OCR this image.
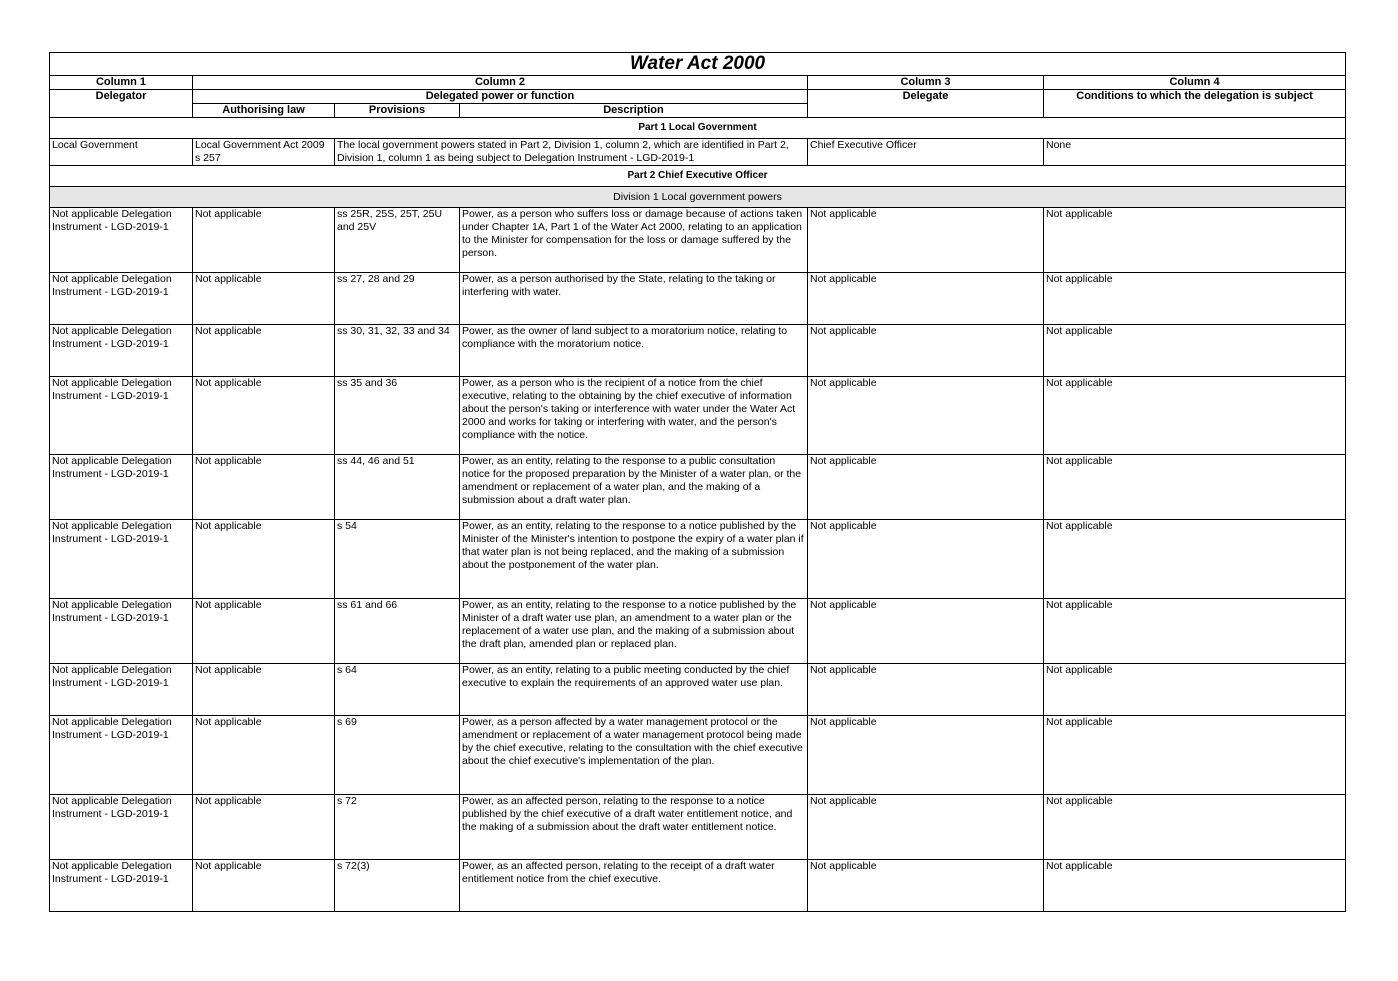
Water Act 2000					
Column 1	Column 2			Column 3	Column 4
Delegator	Delegated power or function			Delegate	Conditions to which the delegation is subject
	Authorising law	Provisions	Description		
Part 1 Local Government					
Local Government	Local Government Act 2009 s 257	The local government powers stated in Part 2, Division 1, column 2, which are identified in Part 2, Division 1, column 1 as being subject to Delegation Instrument - LGD-2019-1		Chief Executive Officer	None
Part 2 Chief Executive Officer					
Division 1 Local government powers					
Not applicable Delegation Instrument - LGD-2019-1	Not applicable	ss 25R, 25S, 25T, 25U and 25V	Power, as a person who suffers loss or damage because of actions taken under Chapter 1A, Part 1 of the Water Act 2000, relating to an application to the Minister for compensation for the loss or damage suffered by the person.	Not applicable	Not applicable
Not applicable Delegation Instrument - LGD-2019-1	Not applicable	ss 27, 28 and 29	Power, as a person authorised by the State, relating to the taking or interfering with water.	Not applicable	Not applicable
Not applicable Delegation Instrument - LGD-2019-1	Not applicable	ss 30, 31, 32, 33 and 34	Power, as the owner of land subject to a moratorium notice, relating to compliance with the moratorium notice.	Not applicable	Not applicable
Not applicable Delegation Instrument - LGD-2019-1	Not applicable	ss 35 and 36	Power, as a person who is the recipient of a notice from the chief executive, relating to the obtaining by the chief executive of information about the person's taking or interference with water under the Water Act 2000 and works for taking or interfering with water, and the person's compliance with the notice.	Not applicable	Not applicable
Not applicable Delegation Instrument - LGD-2019-1	Not applicable	ss 44, 46 and 51	Power, as an entity, relating to the response to a public consultation notice for the proposed preparation by the Minister of a water plan, or the amendment or replacement of a water plan, and the making of a submission about a draft water plan.	Not applicable	Not applicable
Not applicable Delegation Instrument - LGD-2019-1	Not applicable	s 54	Power, as an entity, relating to the response to a notice published by the Minister of the Minister's intention to postpone the expiry of a water plan if that water plan is not being replaced, and the making of a submission about the postponement of the water plan.	Not applicable	Not applicable
Not applicable Delegation Instrument - LGD-2019-1	Not applicable	ss 61 and 66	Power, as an entity, relating to the response to a notice published by the Minister of a draft water use plan, an amendment to a water plan or the replacement of a water use plan, and the making of a submission about the draft plan, amended plan or replaced plan.	Not applicable	Not applicable
Not applicable Delegation Instrument - LGD-2019-1	Not applicable	s 64	Power, as an entity, relating to a public meeting conducted by the chief executive to explain the requirements of an approved water use plan.	Not applicable	Not applicable
Not applicable Delegation Instrument - LGD-2019-1	Not applicable	s 69	Power, as a person affected by a water management protocol or the amendment or replacement of a water management protocol being made by the chief executive, relating to the consultation with the chief executive about the chief executive's implementation of the plan.	Not applicable	Not applicable
Not applicable Delegation Instrument - LGD-2019-1	Not applicable	s 72	Power, as an affected person, relating to the response to a notice published by the chief executive of a draft water entitlement notice, and the making of a submission about the draft water entitlement notice.	Not applicable	Not applicable
Not applicable Delegation Instrument - LGD-2019-1	Not applicable	s 72(3)	Power, as an affected person, relating to the receipt of a draft water entitlement notice from the chief executive.	Not applicable	Not applicable
